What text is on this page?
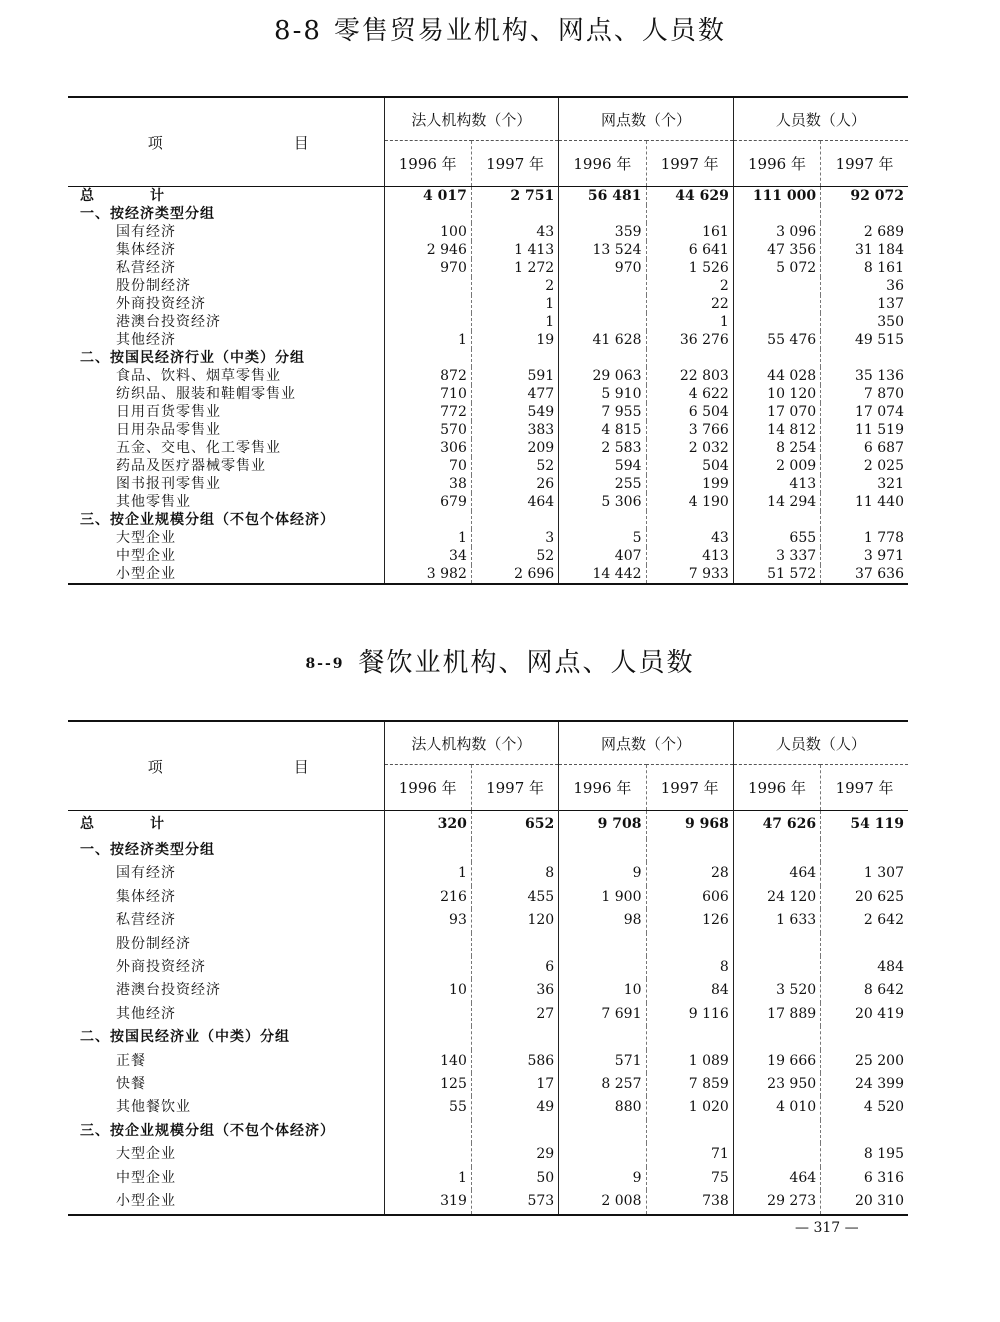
8-8 零售贸易业机构、网点、人员数
项 目	法人机构数（个）		网点数（个）		人员数（人）	
	1996 年	1997 年	1996 年	1997 年	1996 年	1997 年
总 计	4 017	2 751	56 481	44 629	111 000	92 072
一、按经济类型分组						
国有经济	100	43	359	161	3 096	2 689
集体经济	2 946	1 413	13 524	6 641	47 356	31 184
私营经济	970	1 272	970	1 526	5 072	8 161
股份制经济		2		2		36
外商投资经济		1		22		137
港澳台投资经济		1		1		350
其他经济	1	19	41 628	36 276	55 476	49 515
二、按国民经济行业（中类）分组						
食品、饮料、烟草零售业	872	591	29 063	22 803	44 028	35 136
纺织品、服装和鞋帽零售业	710	477	5 910	4 622	10 120	7 870
日用百货零售业	772	549	7 955	6 504	17 070	17 074
日用杂品零售业	570	383	4 815	3 766	14 812	11 519
五金、交电、化工零售业	306	209	2 583	2 032	8 254	6 687
药品及医疗器械零售业	70	52	594	504	2 009	2 025
图书报刊零售业	38	26	255	199	413	321
其他零售业	679	464	5 306	4 190	14 294	11 440
三、按企业规模分组（不包个体经济）						
大型企业	1	3	5	43	655	1 778
中型企业	34	52	407	413	3 337	3 971
小型企业	3 982	2 696	14 442	7 933	51 572	37 636
8--9 餐饮业机构、网点、人员数
项 目	法人机构数（个）		网点数（个）		人员数（人）	
	1996 年	1997 年	1996 年	1997 年	1996 年	1997 年
总 计	320	652	9 708	9 968	47 626	54 119
一、按经济类型分组						
国有经济	1	8	9	28	464	1 307
集体经济	216	455	1 900	606	24 120	20 625
私营经济	93	120	98	126	1 633	2 642
股份制经济						
外商投资经济		6		8		484
港澳台投资经济	10	36	10	84	3 520	8 642
其他经济		27	7 691	9 116	17 889	20 419
二、按国民经济业（中类）分组						
正餐	140	586	571	1 089	19 666	25 200
快餐	125	17	8 257	7 859	23 950	24 399
其他餐饮业	55	49	880	1 020	4 010	4 520
三、按企业规模分组（不包个体经济）						
大型企业		29		71		8 195
中型企业	1	50	9	75	464	6 316
小型企业	319	573	2 008	738	29 273	20 310
— 317 —
